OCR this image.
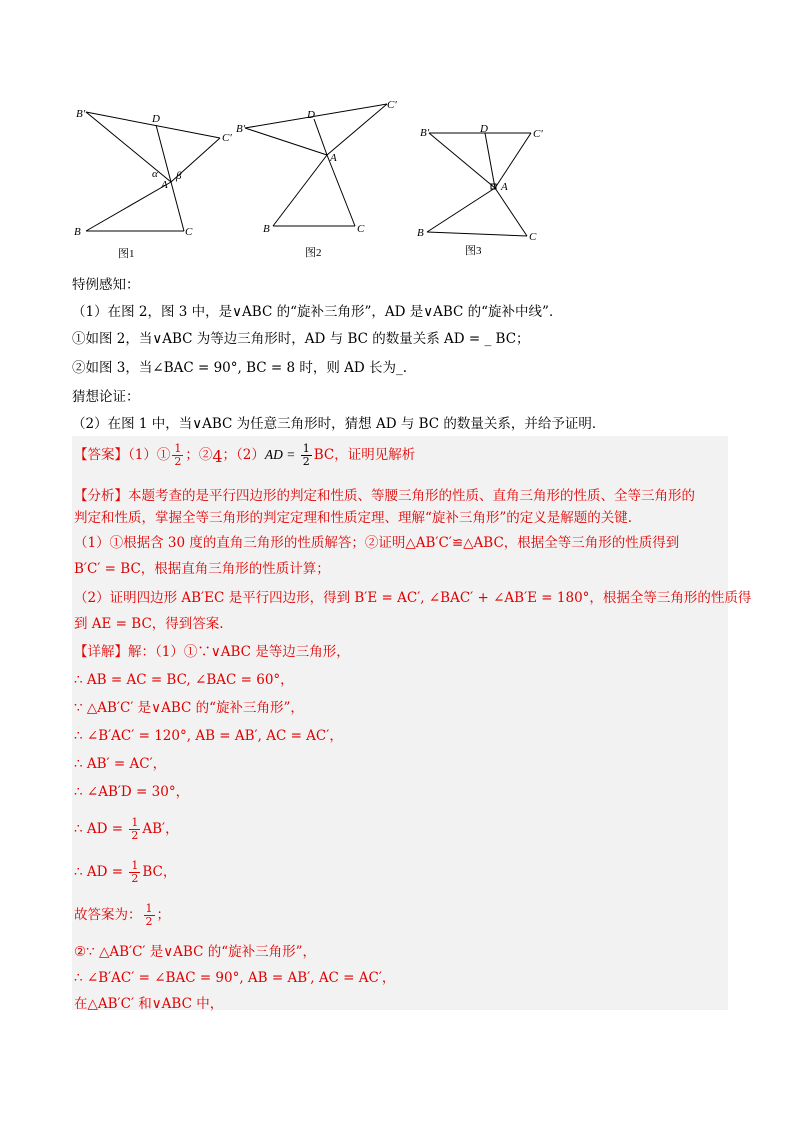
B′	D
C′
α β
A
B	C
图1
B′
D
C′
A
B	C
图2
B′	D	C′
A
B	C
图3
特例感知：
（1）在图 2，图 3 中，是∨ABC 的“旋补三角形”，AD 是∨ABC 的“旋补中线”．
①如图 2，当∨ABC 为等边三角形时，AD 与 BC 的数量关系 AD = _ BC；
②如图 3，当∠BAC = 90°, BC = 8 时，则 AD 长为_.
猜想论证：
（2）在图 1 中，当∨ABC 为任意三角形时，猜想 AD 与 BC 的数量关系，并给予证明．
【答案】（1）① $\frac{1}{2}$ ；②4；$(2)AD = \frac{1}{2}$ BC，证明见解析
【分析】本题考查的是平行四边形的判定和性质、等腰三角形的性质、直角三角形的性质、全等三角形的
判定和性质，掌握全等三角形的判定定理和性质定理、理解“旋补三角形”的定义是解题的关键.
（1）①根据含 30 度的直角三角形的性质解答；②证明△AB′C′≌△ABC，根据全等三角形的性质得到
B′C′ = BC，根据直角三角形的性质计算；
（2）证明四边形 AB′EC 是平行四边形，得到 B′E = AC′, ∠BAC′ + ∠AB′E = 180°，根据全等三角形的性质得
到 AE = BC，得到答案.
【详解】解：（1）①∵∨ABC 是等边三角形，
∴ AB = AC = BC, ∠BAC = 60°，
∵ △AB′C′ 是∨ABC 的“旋补三角形”，
∴ ∠B′AC′ = 120°, AB = AB′, AC = AC′，
∴ AB′ = AC′，
∴ ∠AB′D = 30°，
∴ AD = $\frac{1}{2} AB'$，
∴ AD = $\frac{1}{2}$ BC，
故答案为： $\frac{1}{2}$ ；
②∵ △AB′C′ 是∨ABC 的“旋补三角形”，
∴ ∠B′AC′ = ∠BAC = 90°, AB = AB′, AC = AC′，
在△AB′C′ 和∨ABC 中，
